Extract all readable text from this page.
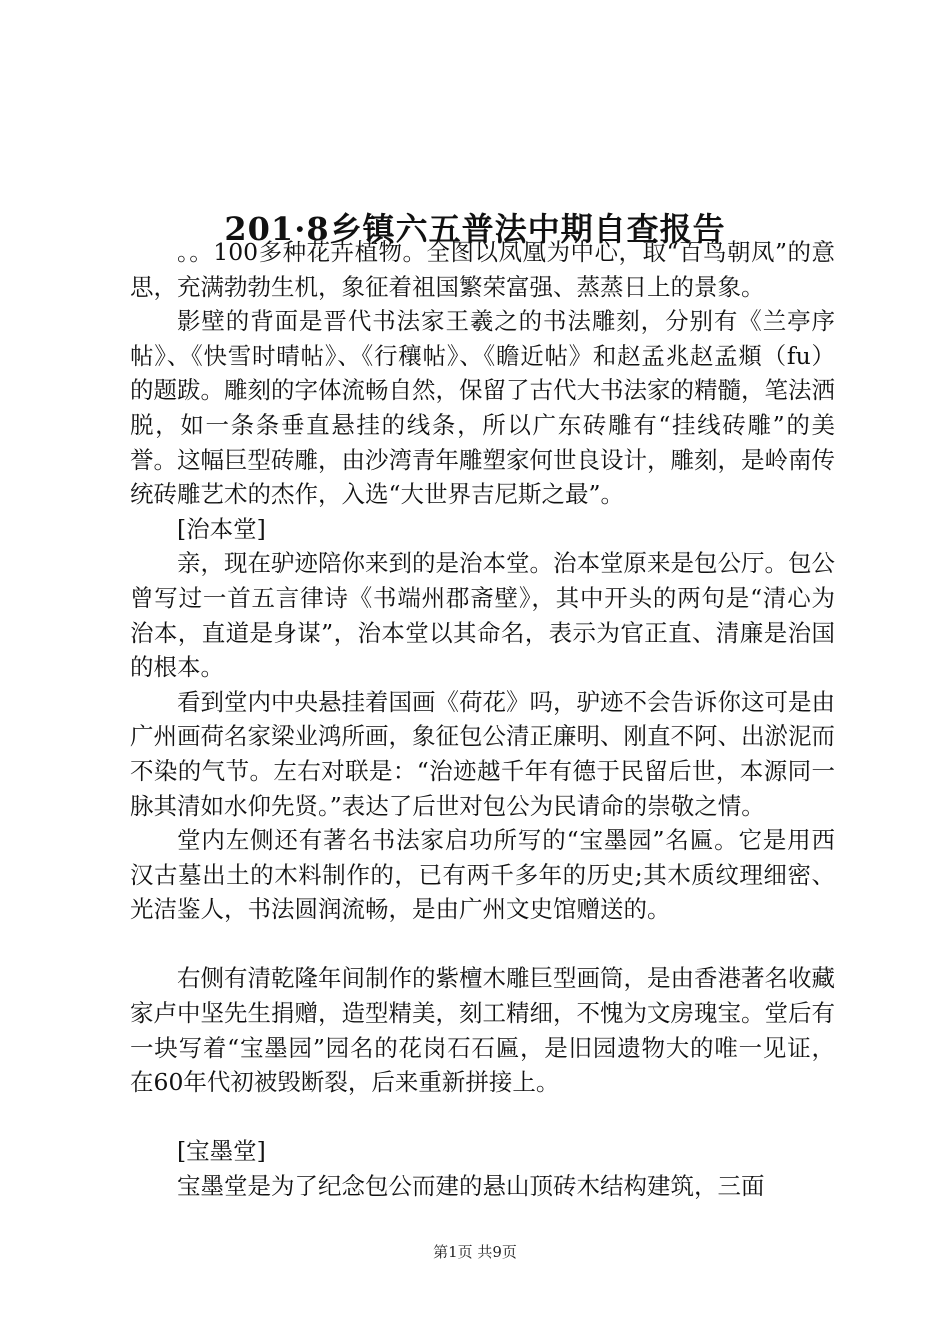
201·8乡镇六五普法中期自查报告

。。100多种花卉植物。全图以凤凰为中心，取“百鸟朝凤”的意思，充满勃勃生机，象征着祖国繁荣富强、蒸蒸日上的景象。

影壁的背面是晋代书法家王羲之的书法雕刻，分别有《兰亭序帖》、《快雪时晴帖》、《行穰帖》、《瞻近帖》和赵孟兆赵孟頫（fu）的题跋。雕刻的字体流畅自然，保留了古代大书法家的精髓，笔法洒脱，如一条条垂直悬挂的线条，所以广东砖雕有“挂线砖雕”的美誉。这幅巨型砖雕，由沙湾青年雕塑家何世良设计，雕刻，是岭南传统砖雕艺术的杰作，入选“大世界吉尼斯之最”。

[治本堂]

亲，现在驴迹陪你来到的是治本堂。治本堂原来是包公厅。包公曾写过一首五言律诗《书端州郡斋壁》，其中开头的两句是“清心为治本，直道是身谋”，治本堂以其命名，表示为官正直、清廉是治国的根本。

看到堂内中央悬挂着国画《荷花》吗，驴迹不会告诉你这可是由广州画荷名家梁业鸿所画，象征包公清正廉明、刚直不阿、出淤泥而不染的气节。左右对联是：“治迹越千年有德于民留后世，本源同一脉其清如水仰先贤。”表达了后世对包公为民请命的崇敬之情。

堂内左侧还有著名书法家启功所写的“宝墨园”名匾。它是用西汉古墓出土的木料制作的，已有两千多年的历史;其木质纹理细密、光洁鉴人，书法圆润流畅，是由广州文史馆赠送的。

右侧有清乾隆年间制作的紫檀木雕巨型画筒，是由香港著名收藏家卢中坚先生捐赠，造型精美，刻工精细，不愧为文房瑰宝。堂后有一块写着“宝墨园”园名的花岗石石匾，是旧园遗物大的唯一见证，在60年代初被毁断裂，后来重新拼接上。

[宝墨堂]

宝墨堂是为了纪念包公而建的悬山顶砖木结构建筑，三面

第1页 共9页
